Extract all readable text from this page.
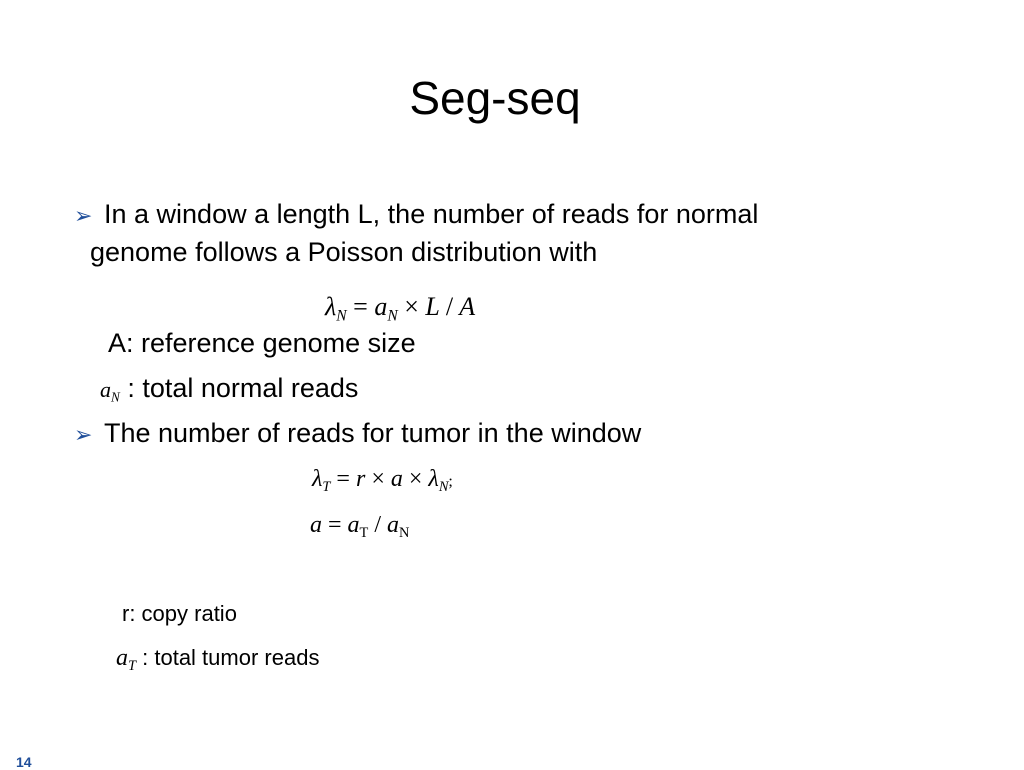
Seg-seq
➢ In a window a length L, the number of reads for normal
genome follows a Poisson distribution with
$\lambda_N = a_N \times L / A$
A: reference genome size
$a_N$ : total normal reads
➢ The number of reads for tumor in the window
$\lambda_T = r \times a \times \lambda_N$;
$a = a_T / a_N$
r: copy ratio
$a_T$ : total tumor reads
14
